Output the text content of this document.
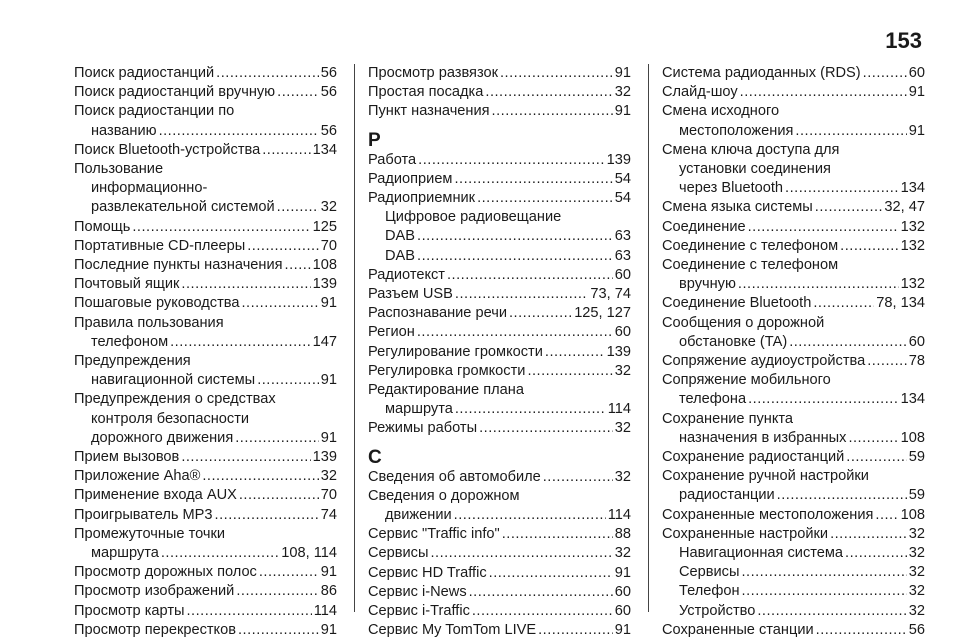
153
Поиск радиостанций .....	56
Поиск радиостанций вручную .....	56
Поиск радиостанции по
названию .....	56
Поиск Bluetooth-устройства .....	134
Пользование
информационно-
развлекательной системой .....	32
Помощь .....	125
Портативные CD-плееры .....	70
Последние пункты назначения ..... 108
Почтовый ящик .....	139
Пошаговые руководства .....	91
Правила пользования
телефоном .....	147
Предупреждения
навигационной системы .....	91
Предупреждения о средствах
контроля безопасности
дорожного движения .....	91
Прием вызовов .....	139
Приложение Aha® .....	32
Применение входа AUX .....	70
Проигрыватель MP3 .....	74
Промежуточные точки
маршрута .....	108, 114
Просмотр дорожных полос .....	91
Просмотр изображений .....	86
Просмотр карты .....	114
Просмотр перекрестков .....	91
Просмотр развязок .....	91
Простая посадка .....	32
Пункт назначения .....	91
Р
Работа .....	139
Радиоприем .....	54
Радиоприемник .....	54
Цифровое радиовещание
DAB .....	63
DAB .....	63
Радиотекст .....	60
Разъем USB .....	73, 74
Распознавание речи .....	125, 127
Регион .....	60
Регулирование громкости .....	139
Регулировка громкости .....	32
Редактирование плана
маршрута .....	114
Режимы работы .....	32
С
Сведения об автомобиле .....	32
Сведения о дорожном
движении .....	114
Сервис "Traffic info" .....	88
Сервисы .....	32
Сервис HD Traffic .....	91
Сервис i-News .....	60
Сервис i-Traffic .....	60
Сервис My TomTom LIVE .....	91
Система радиоданных (RDS) .....	60
Слайд-шоу .....	91
Смена исходного
местоположения .....	91
Смена ключа доступа для
установки соединения
через Bluetooth .....	134
Смена языка системы .....	32, 47
Соединение .....	132
Соединение с телефоном .....	132
Соединение с телефоном
вручную .....	132
Соединение Bluetooth .....	78, 134
Сообщения о дорожной
обстановке (TA) .....	60
Сопряжение аудиоустройства .....	78
Сопряжение мобильного
телефона .....	134
Сохранение пункта
назначения в избранных .....	108
Сохранение радиостанций .....	59
Сохранение ручной настройки
радиостанции .....	59
Сохраненные местоположения ..... 108
Сохраненные настройки .....	32
Навигационная система .....	32
Сервисы .....	32
Телефон .....	32
Устройство .....	32
Сохраненные станции .....	56
